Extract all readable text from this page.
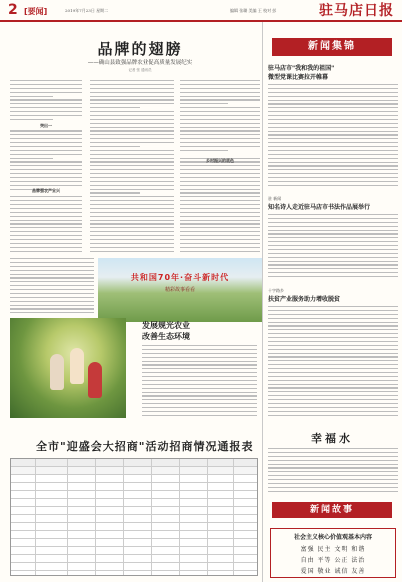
2 [要闻]	2019年7月23日 星期二	编辑 张璐 美编 王 校对 彭	驻马店日报
品牌的翅膀
——确山县致强品牌农业促高质量发展纪实
记者 张 通讯员
突出一
品牌强农产业兴
乡村振兴的底色
共和国70年·奋斗新时代
精彩故事看看
发展规光农业
改善生态环境
全市"迎盛会大招商"活动招商情况通报表
新闻集锦
驻马店市"我和我的祖国"
微型党课比赛拉开帷幕
驻 新闻
知名诗人走近驻马店市书法作品展举行
十字路乡
扶贫产业服务助力增收脱贫
幸福水
新闻故事
社会主义核心价值观基本内容
富强 民主 文明 和谐
自由 平等 公正 法治
爱国 敬业 诚信 友善
